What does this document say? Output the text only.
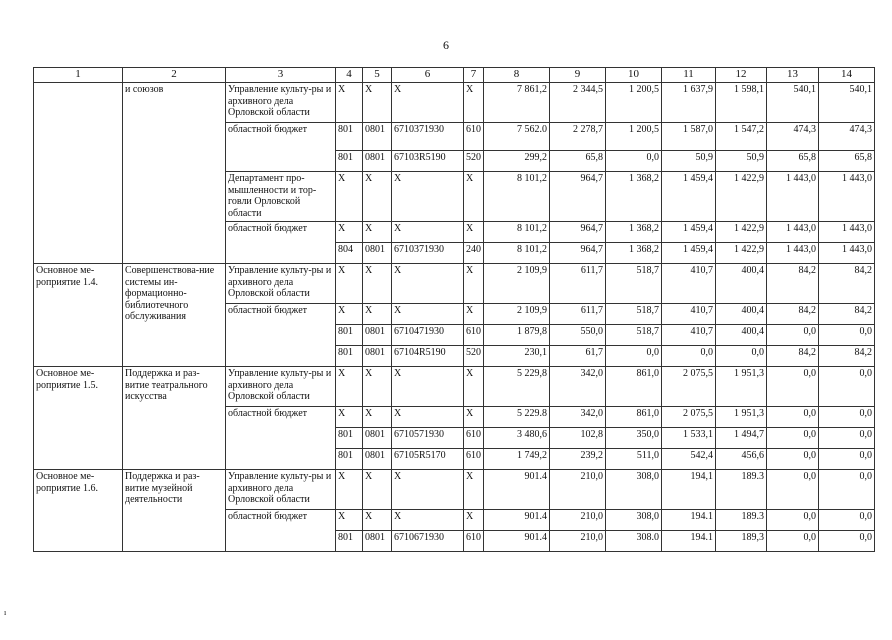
6
1	2	3	4	5	6	7	8	9	10	11	12	13	14
	и союзов	Управление культу-ры и архивного дела Орловской области	X	X	X	X	7 861,2	2 344,5	1 200,5	1 637,9	1 598,1	540,1	540,1
		областной бюджет	801	0801	6710371930	610	7 562.0	2 278,7	1 200,5	1 587,0	1 547,2	474,3	474,3
			801	0801	67103R5190	520	299,2	65,8	0,0	50,9	50,9	65,8	65,8
		Департамент про-мышленности и тор-говли Орловской области	X	X	X	X	8 101,2	964,7	1 368,2	1 459,4	1 422,9	1 443,0	1 443,0
		областной бюджет	X	X	X	X	8 101,2	964,7	1 368,2	1 459,4	1 422,9	1 443,0	1 443,0
			804	0801	6710371930	240	8 101,2	964,7	1 368,2	1 459,4	1 422,9	1 443,0	1 443,0
Основное ме-роприятие 1.4.	Совершенствова-ние системы ин-формационно-библиотечного обслуживания	Управление культу-ры и архивного дела Орловской области	X	X	X	X	2 109,9	611,7	518,7	410,7	400,4	84,2	84,2
		областной бюджет	X	X	X	X	2 109,9	611,7	518,7	410,7	400,4	84,2	84,2
			801	0801	6710471930	610	1 879,8	550,0	518,7	410,7	400,4	0,0	0,0
			801	0801	67104R5190	520	230,1	61,7	0,0	0,0	0,0	84,2	84,2
Основное ме-роприятие 1.5.	Поддержка и раз-витие театрального искусства	Управление культу-ры и архивного дела Орловской области	X	X	X	X	5 229,8	342,0	861,0	2 075,5	1 951,3	0,0	0,0
		областной бюджет	X	X	X	X	5 229.8	342,0	861,0	2 075,5	1 951,3	0,0	0,0
			801	0801	6710571930	610	3 480,6	102,8	350,0	1 533,1	1 494,7	0,0	0,0
			801	0801	67105R5170	610	1 749,2	239,2	511,0	542,4	456,6	0,0	0,0
Основное ме-роприятие 1.6.	Поддержка и раз-витие музейной деятельности	Управление культу-ры и архивного дела Орловской области	X	X	X	X	901.4	210,0	308,0	194,1	189.3	0,0	0,0
		областной бюджет	X	X	X	X	901.4	210,0	308,0	194.1	189.3	0,0	0,0
			801	0801	6710671930	610	901.4	210,0	308.0	194.1	189,3	0,0	0,0
ı
